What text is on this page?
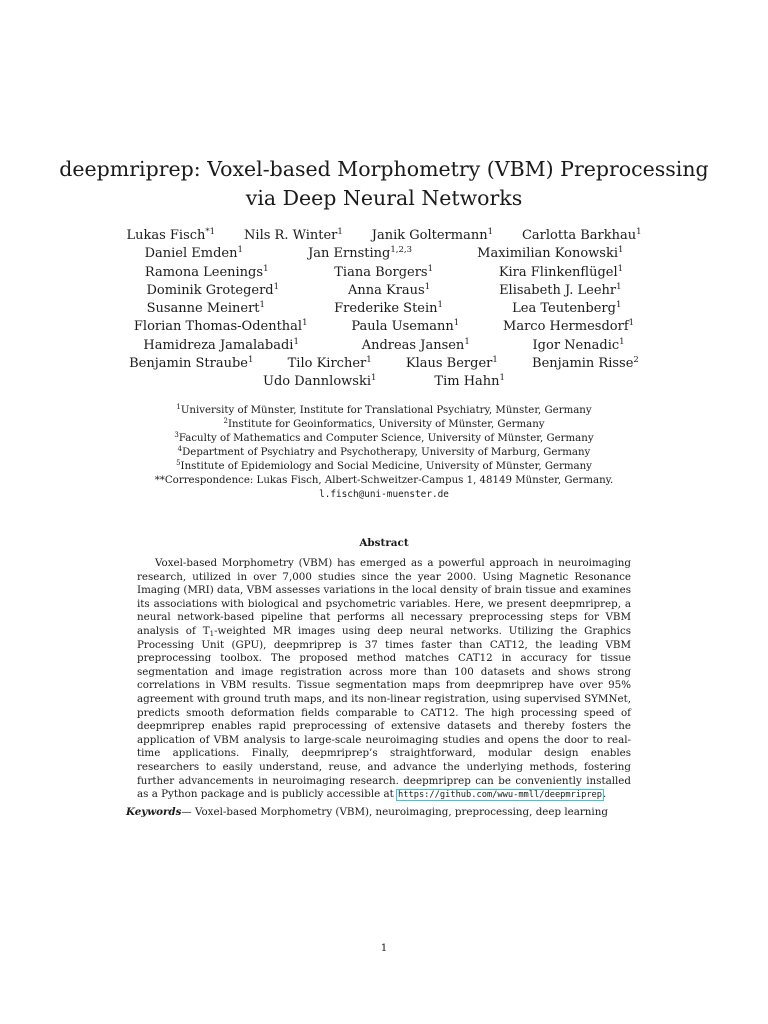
deepmriprep: Voxel-based Morphometry (VBM) Preprocessing
via Deep Neural Networks
Lukas Fisch$^{*1}$ Nils R. Winter$^1$ Janik Goltermann$^1$ Carlotta Barkhau$^1$
Daniel Emden$^1$	Jan Ernsting$^{1,2,3}$	Maximilian Konowski$^1$
Ramona Leenings$^1$	Tiana Borgers$^1$	Kira Flinkenflügel$^1$
Dominik Grotegerd$^1$	Anna Kraus$^1$	Elisabeth J. Leehr$^1$
Susanne Meinert$^1$	Frederike Stein$^1$	Lea Teutenberg$^1$
Florian Thomas-Odenthal$^1$	Paula Usemann$^1$	Marco Hermesdorf$^1$
Hamidreza Jamalabadi$^1$	Andreas Jansen$^1$	Igor Nenadic$^1$
Benjamin Straube$^1$	Tilo Kircher$^1$	Klaus Berger$^1$	Benjamin Risse$^2$
Udo Dannlowski$^1$	Tim Hahn$^1$
$^1$University of Münster, Institute for Translational Psychiatry, Münster, Germany
$^2$Institute for Geoinformatics, University of Münster, Germany
$^3$Faculty of Mathematics and Computer Science, University of Münster, Germany
$^4$Department of Psychiatry and Psychotherapy, University of Marburg, Germany
$^5$Institute of Epidemiology and Social Medicine, University of Münster, Germany
**Correspondence: Lukas Fisch, Albert-Schweitzer-Campus 1, 48149 Münster, Germany.
l.fisch@uni-muenster.de
Abstract

Voxel-based Morphometry (VBM) has emerged as a powerful approach in neuroimaging research, utilized in over 7,000 studies since the year 2000. Using Magnetic Resonance Imaging (MRI) data, VBM assesses variations in the local density of brain tissue and examines its associations with biological and psychometric variables. Here, we present deepmriprep, a neural network-based pipeline that performs all necessary preprocessing steps for VBM analysis of $T_1$-weighted MR images using deep neural networks. Utilizing the Graphics Processing Unit (GPU), deepmriprep is 37 times faster than CAT12, the leading VBM preprocessing toolbox. The proposed method matches CAT12 in accuracy for tissue segmentation and image registration across more than 100 datasets and shows strong correlations in VBM results. Tissue segmentation maps from deepmriprep have over 95% agreement with ground truth maps, and its non-linear registration, using supervised SYMNet, predicts smooth deformation fields comparable to CAT12. The high processing speed of deepmriprep enables rapid preprocessing of extensive datasets and thereby fosters the application of VBM analysis to large-scale neuroimaging studies and opens the door to real-time applications. Finally, deepmriprep’s straightforward, modular design enables researchers to easily understand, reuse, and advance the underlying methods, fostering further advancements in neuroimaging research. deepmriprep can be conveniently installed as a Python package and is publicly accessible at https://github.com/wwu-mmll/deepmriprep.

Keywords— Voxel-based Morphometry (VBM), neuroimaging, preprocessing, deep learning
1
